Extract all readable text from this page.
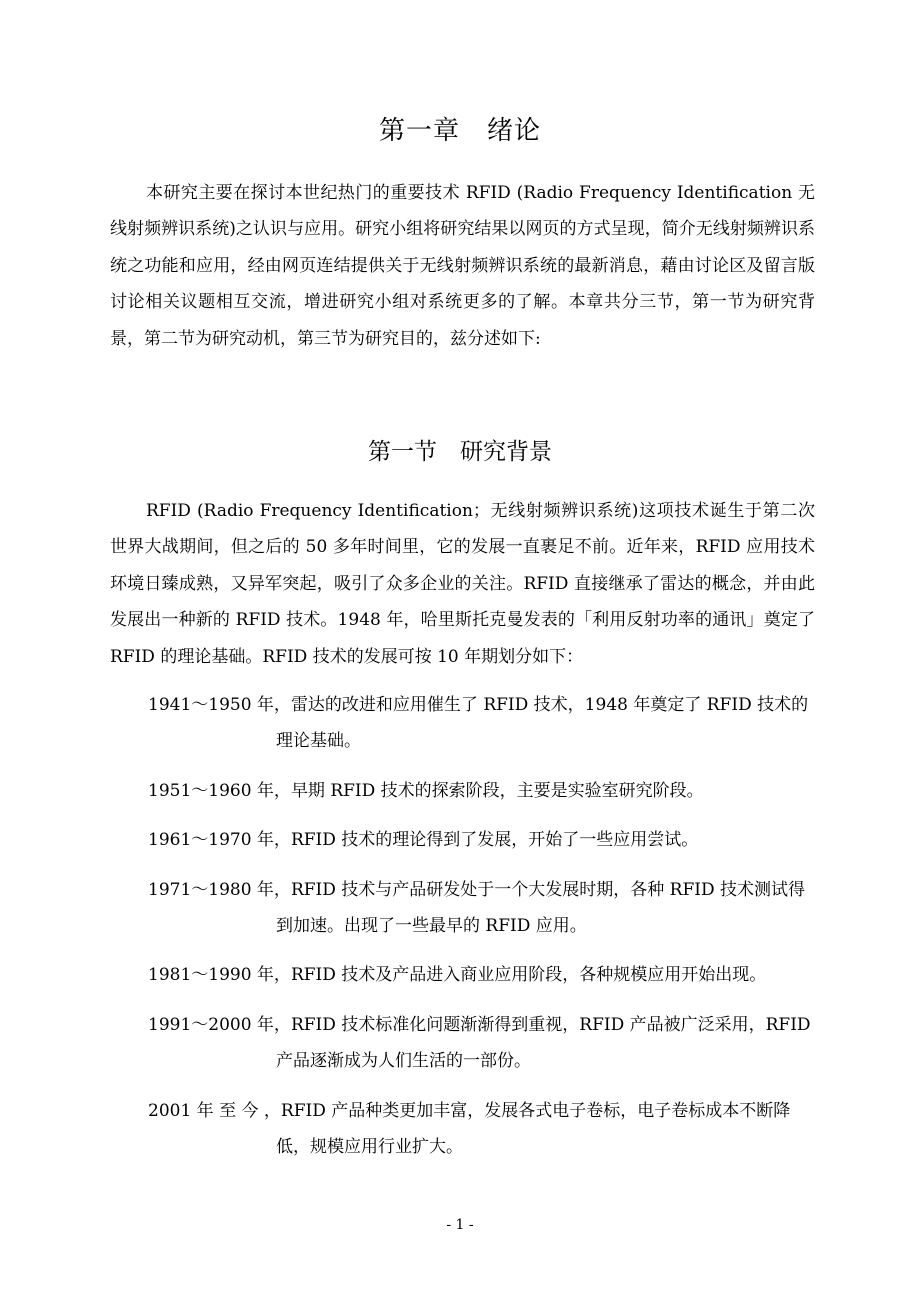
第一章　绪论

本研究主要在探讨本世纪热门的重要技术 RFID (Radio Frequency Identification 无线射频辨识系统)之认识与应用。研究小组将研究结果以网页的方式呈现，简介无线射频辨识系统之功能和应用，经由网页连结提供关于无线射频辨识系统的最新消息，藉由讨论区及留言版讨论相关议题相互交流，增进研究小组对系统更多的了解。本章共分三节，第一节为研究背景，第二节为研究动机，第三节为研究目的，兹分述如下:

第一节　研究背景

RFID (Radio Frequency Identification；无线射频辨识系统)这项技术诞生于第二次世界大战期间，但之后的 50 多年时间里，它的发展一直裹足不前。近年来，RFID 应用技术环境日臻成熟，又异军突起，吸引了众多企业的关注。RFID 直接继承了雷达的概念，并由此发展出一种新的 RFID 技术。1948 年，哈里斯托克曼发表的「利用反射功率的通讯」奠定了 RFID 的理论基础。RFID 技术的发展可按 10 年期划分如下：

1941～1950 年，雷达的改进和应用催生了 RFID 技术，1948 年奠定了 RFID 技术的理论基础。
1951～1960 年，早期 RFID 技术的探索阶段，主要是实验室研究阶段。
1961～1970 年，RFID 技术的理论得到了发展，开始了一些应用尝试。
1971～1980 年，RFID 技术与产品研发处于一个大发展时期，各种 RFID 技术测试得到加速。出现了一些最早的 RFID 应用。
1981～1990 年，RFID 技术及产品进入商业应用阶段，各种规模应用开始出现。
1991～2000 年，RFID 技术标准化问题渐渐得到重视，RFID 产品被广泛采用，RFID 产品逐渐成为人们生活的一部份。
2001 年 至 今 ，RFID 产品种类更加丰富，发展各式电子卷标，电子卷标成本不断降低，规模应用行业扩大。
- 1 -
